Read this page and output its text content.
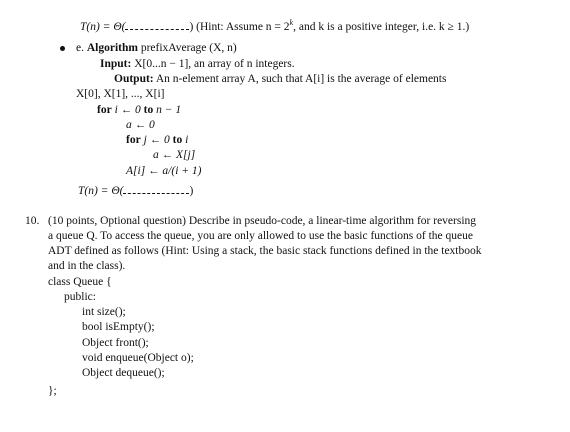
T(n) = Θ(	) (Hint: Assume $n = 2^k$, and k is a positive integer, i.e. k ≥ 1.)
e. Algorithm prefixAverage (X, n)
Input: X[0...n − 1], an array of n integers.
Output: An n-element array A, such that A[i] is the average of elements
X[0], X[1], ..., X[i]
for i ← 0 to n − 1
a ← 0
for j ← 0 to i
a ← X[j]
A[i] ← a/(i + 1)
T(n) = Θ(	)
10. (10 points, Optional question) Describe in pseudo-code, a linear-time algorithm for reversing
a queue Q. To access the queue, you are only allowed to use the basic functions of the queue
ADT defined as follows (Hint: Using a stack, the basic stack functions defined in the textbook
and in the class).
class Queue {
public:
int size();
bool isEmpty();
Object front();
void enqueue(Object o);
Object dequeue();
};
